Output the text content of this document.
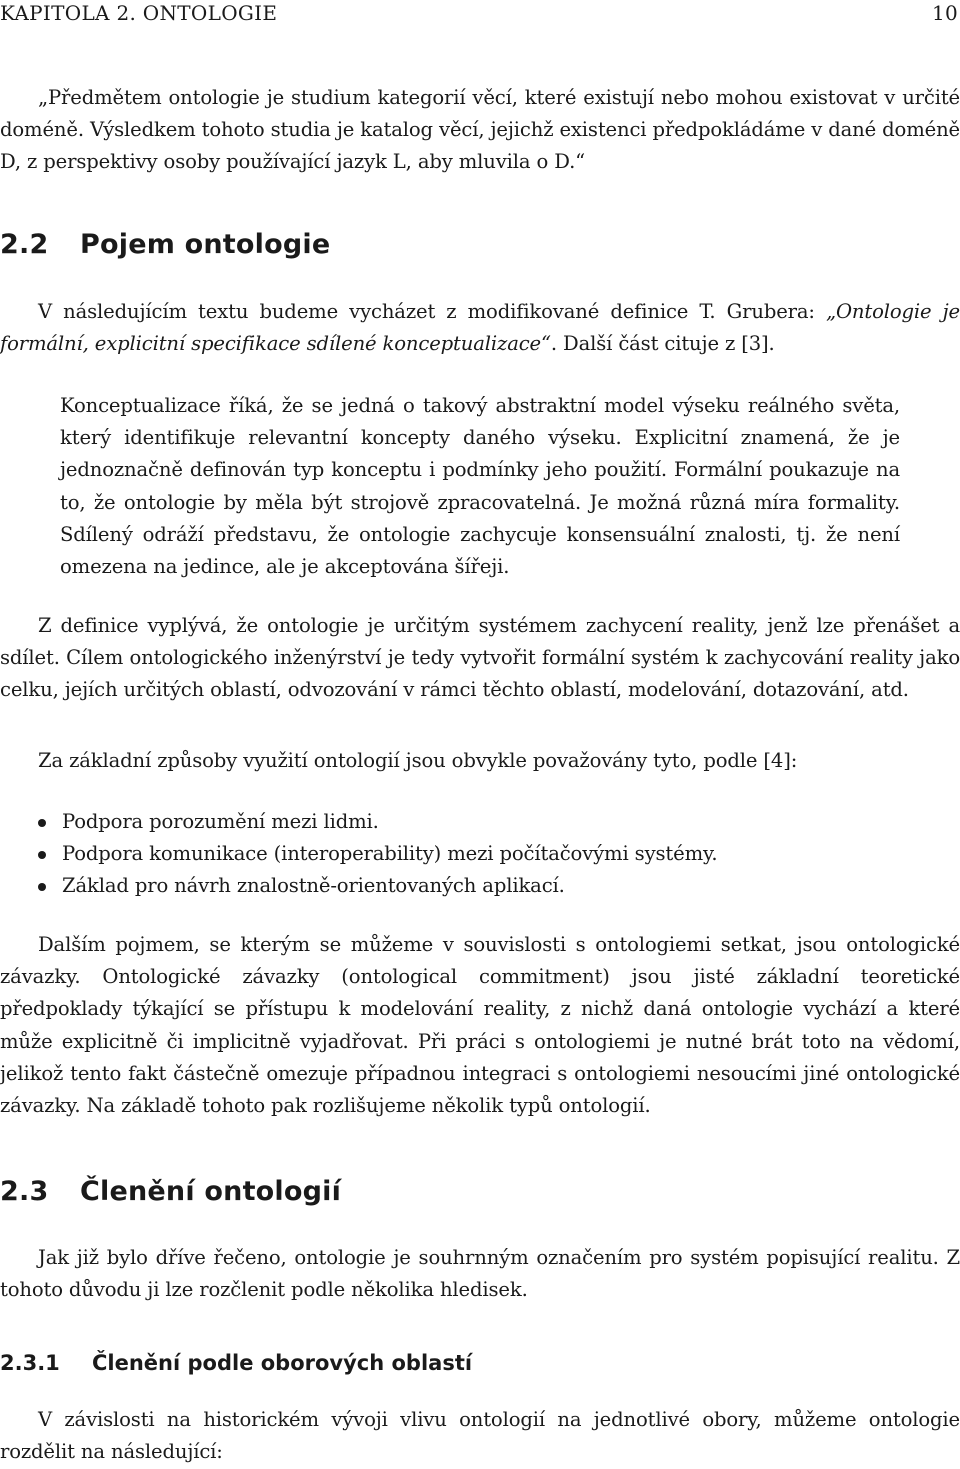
KAPITOLA 2. ONTOLOGIE	10

„Předmětem ontologie je studium kategorií věcí, které existují nebo mohou existovat v určité doméně. Výsledkem tohoto studia je katalog věcí, jejichž existenci předpokládáme v dané doméně D, z perspektivy osoby používající jazyk L, aby mluvila o D.“

2.2 Pojem ontologie

V následujícím textu budeme vycházet z modifikované definice T. Grubera: „Ontologie je formální, explicitní specifikace sdílené konceptualizace“. Další část cituje z [3].

Konceptualizace říká, že se jedná o takový abstraktní model výseku reálného světa, který identifikuje relevantní koncepty daného výseku. Explicitní znamená, že je jednoznačně definován typ konceptu i podmínky jeho použití. Formální poukazuje na to, že ontologie by měla být strojově zpracovatelná. Je možná různá míra formality. Sdílený odráží představu, že ontologie zachycuje konsensuální znalosti, tj. že není omezena na jedince, ale je akceptována šířeji.

Z definice vyplývá, že ontologie je určitým systémem zachycení reality, jenž lze přenášet a sdílet. Cílem ontologického inženýrství je tedy vytvořit formální systém k zachycování reality jako celku, jejích určitých oblastí, odvozování v rámci těchto oblastí, modelování, dotazování, atd.

Za základní způsoby využití ontologií jsou obvykle považovány tyto, podle [4]:

Podpora porozumění mezi lidmi.
Podpora komunikace (interoperability) mezi počítačovými systémy.
Základ pro návrh znalostně-orientovaných aplikací.

Dalším pojmem, se kterým se můžeme v souvislosti s ontologiemi setkat, jsou ontologické závazky. Ontologické závazky (ontological commitment) jsou jisté základní teoretické předpoklady týkající se přístupu k modelování reality, z nichž daná ontologie vychází a které může explicitně či implicitně vyjadřovat. Při práci s ontologiemi je nutné brát toto na vědomí, jelikož tento fakt částečně omezuje případnou integraci s ontologiemi nesoucími jiné ontologické závazky. Na základě tohoto pak rozlišujeme několik typů ontologií.

2.3 Členění ontologií

Jak již bylo dříve řečeno, ontologie je souhrnným označením pro systém popisující realitu. Z tohoto důvodu ji lze rozčlenit podle několika hledisek.

2.3.1 Členění podle oborových oblastí

V závislosti na historickém vývoji vlivu ontologií na jednotlivé obory, můžeme ontologie rozdělit na následující:
